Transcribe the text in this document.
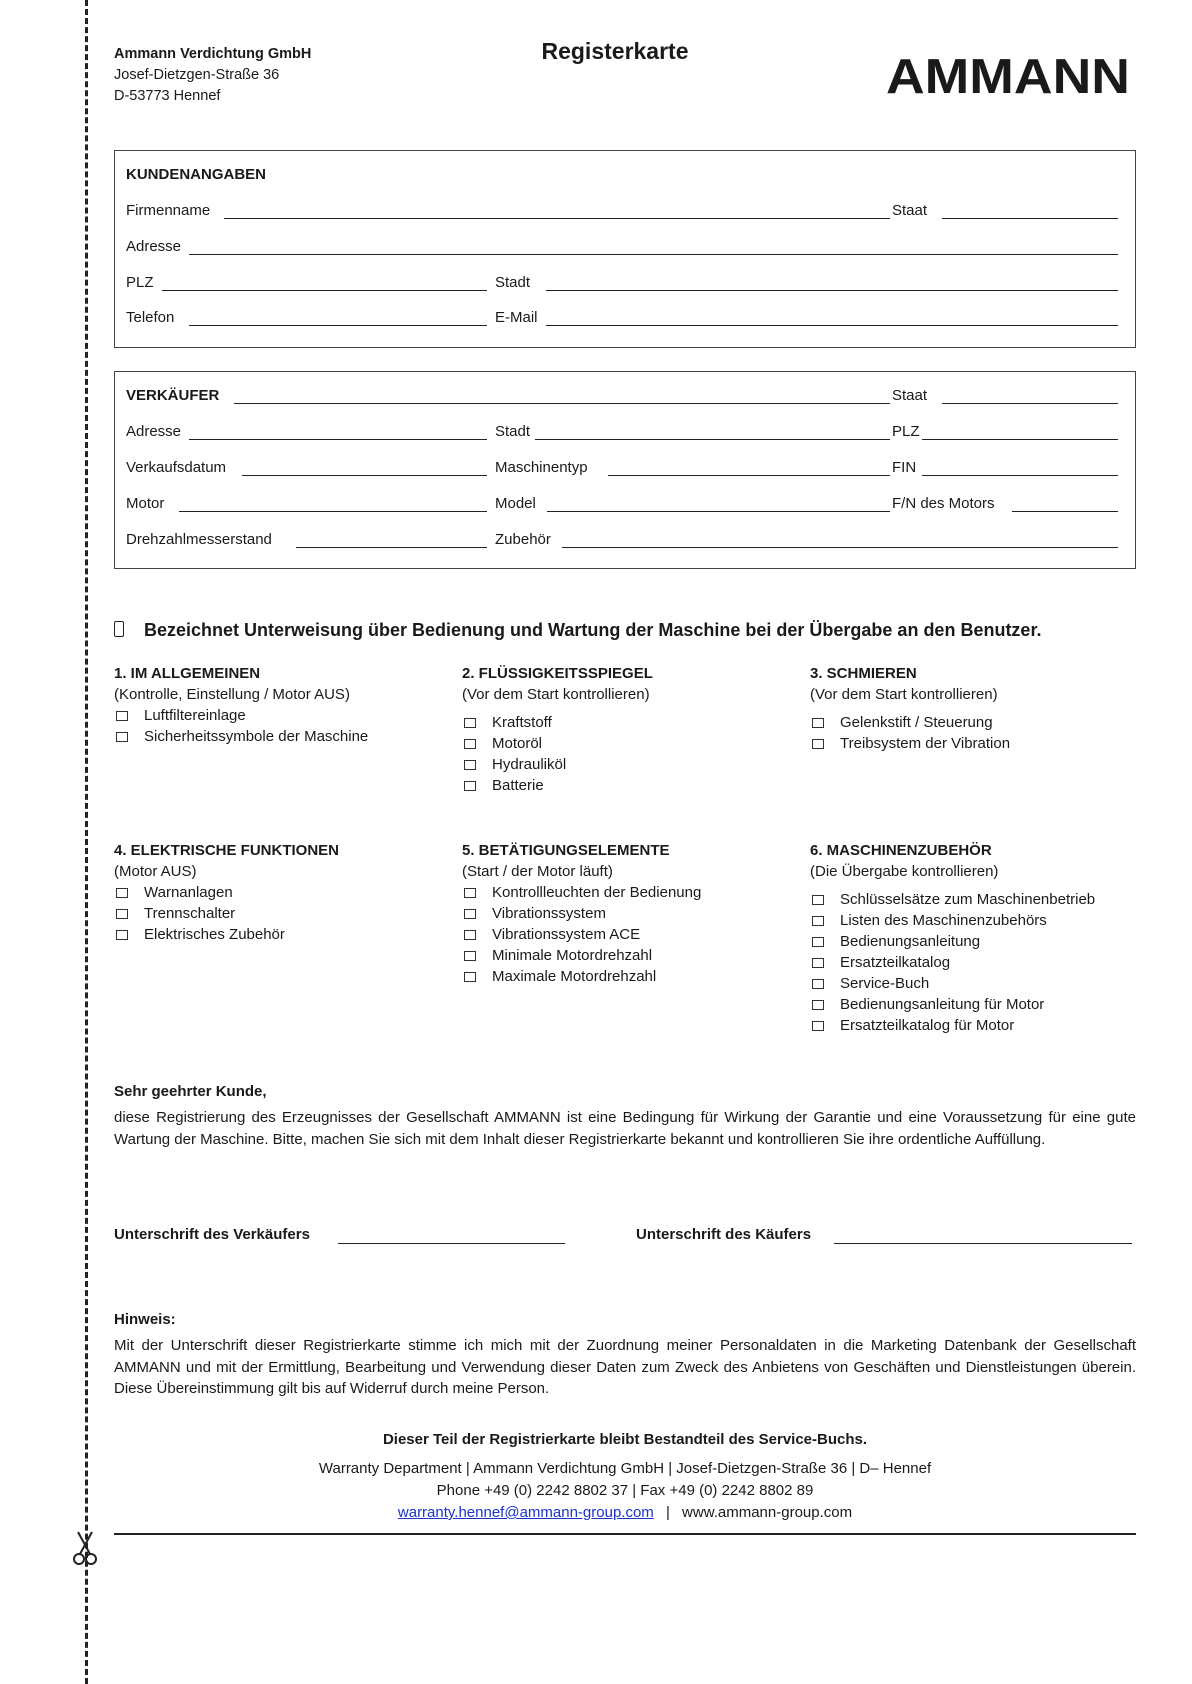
Ammann Verdichtung GmbH
Josef-Dietzgen-Straße 36
D-53773 Hennef
Registerkarte	AMMANN
KUNDENANGABEN
Firmenname	Staat
Adresse
PLZ	Stadt
Telefon	E-Mail
VERKÄUFER	Staat
Adresse	Stadt	PLZ
Verkaufsdatum	Maschinentyp	FIN
Motor	Model	F/N des Motors
Drehzahlmesserstand	Zubehör
Bezeichnet Unterweisung über Bedienung und Wartung der Maschine bei der Übergabe an den Benutzer.
1. IM ALLGEMEINEN
(Kontrolle, Einstellung / Motor AUS)
Luftfiltereinlage
Sicherheitssymbole der Maschine
2. FLÜSSIGKEITSSPIEGEL
(Vor dem Start kontrollieren)
Kraftstoff
Motoröl
Hydrauliköl
Batterie
3. SCHMIEREN
(Vor dem Start kontrollieren)
Gelenkstift / Steuerung
Treibsystem der Vibration
4. ELEKTRISCHE FUNKTIONEN
(Motor AUS)
Warnanlagen
Trennschalter
Elektrisches Zubehör
5. BETÄTIGUNGSELEMENTE
(Start / der Motor läuft)
Kontrollleuchten der Bedienung
Vibrationssystem
Vibrationssystem ACE
Minimale Motordrehzahl
Maximale Motordrehzahl
6. MASCHINENZUBEHÖR
(Die Übergabe kontrollieren)
Schlüsselsätze zum Maschinenbetrieb
Listen des Maschinenzubehörs
Bedienungsanleitung
Ersatzteilkatalog
Service-Buch
Bedienungsanleitung für Motor
Ersatzteilkatalog für Motor
Sehr geehrter Kunde,
diese Registrierung des Erzeugnisses der Gesellschaft AMMANN ist eine Bedingung für Wirkung der Garantie und eine Voraussetzung für eine gute Wartung der Maschine. Bitte, machen Sie sich mit dem Inhalt dieser Registrierkarte bekannt und kontrollieren Sie ihre ordentliche Auffüllung.
Unterschrift des Verkäufers	Unterschrift des Käufers
Hinweis:
Mit der Unterschrift dieser Registrierkarte stimme ich mich mit der Zuordnung meiner Personaldaten in die Marketing Datenbank der Gesellschaft AMMANN und mit der Ermittlung, Bearbeitung und Verwendung dieser Daten zum Zweck des Anbietens von Geschäften und Dienstleistungen überein. Diese Übereinstimmung gilt bis auf Widerruf durch meine Person.
Dieser Teil der Registrierkarte bleibt Bestandteil des Service-Buchs.
Warranty Department | Ammann Verdichtung GmbH | Josef-Dietzgen-Straße 36 | D– Hennef
Phone +49 (0) 2242 8802 37 | Fax +49 (0) 2242 8802 89
warranty.hennef@ammann-group.com | www.ammann-group.com
